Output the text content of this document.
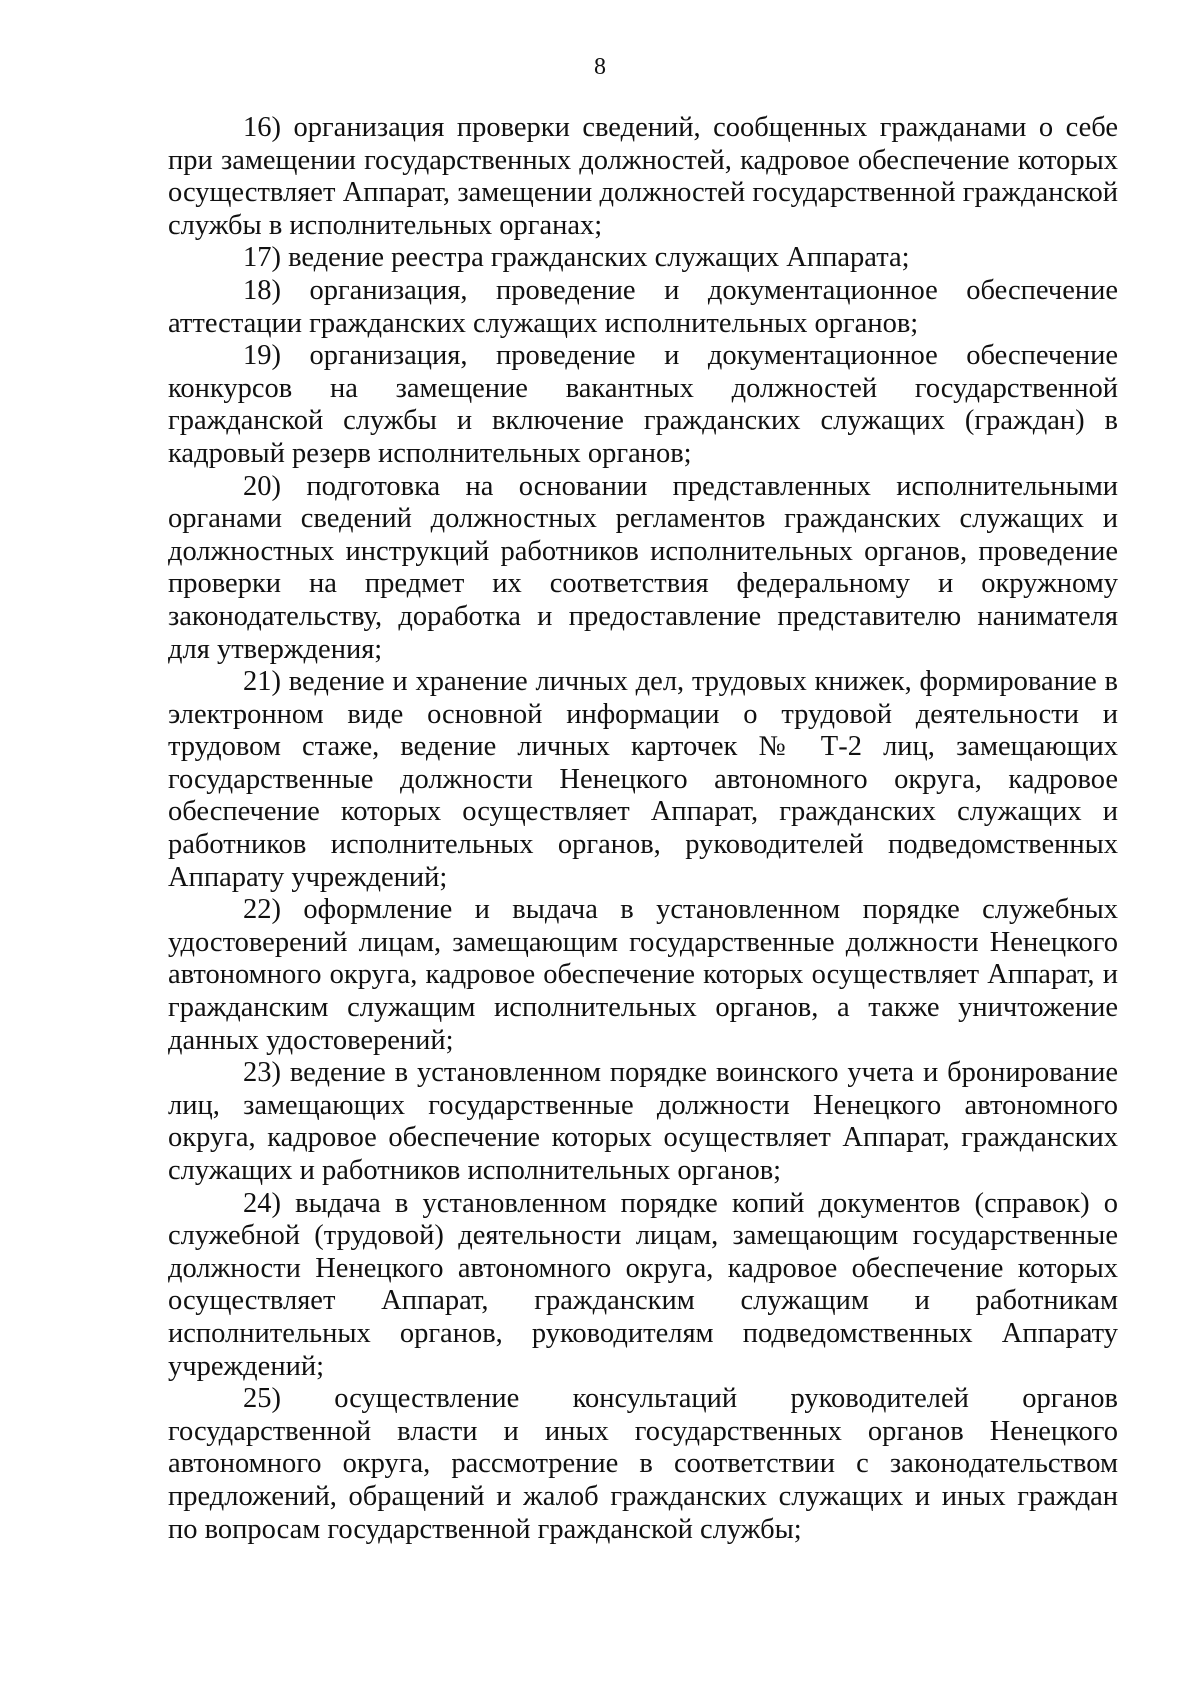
8

16) организация проверки сведений, сообщенных гражданами о себе при замещении государственных должностей, кадровое обеспечение которых осуществляет Аппарат, замещении должностей государственной гражданской службы в исполнительных органах;

17) ведение реестра гражданских служащих Аппарата;

18) организация, проведение и документационное обеспечение аттестации гражданских служащих исполнительных органов;

19) организация, проведение и документационное обеспечение конкурсов на замещение вакантных должностей государственной гражданской службы и включение гражданских служащих (граждан) в кадровый резерв исполнительных органов;

20) подготовка на основании представленных исполнительными органами сведений должностных регламентов гражданских служащих и должностных инструкций работников исполнительных органов, проведение проверки на предмет их соответствия федеральному и окружному законодательству, доработка и предоставление представителю нанимателя для утверждения;

21) ведение и хранение личных дел, трудовых книжек, формирование в электронном виде основной информации о трудовой деятельности и трудовом стаже, ведение личных карточек № Т-2 лиц, замещающих государственные должности Ненецкого автономного округа, кадровое обеспечение которых осуществляет Аппарат, гражданских служащих и работников исполнительных органов, руководителей подведомственных Аппарату учреждений;

22) оформление и выдача в установленном порядке служебных удостоверений лицам, замещающим государственные должности Ненецкого автономного округа, кадровое обеспечение которых осуществляет Аппарат, и гражданским служащим исполнительных органов, а также уничтожение данных удостоверений;

23) ведение в установленном порядке воинского учета и бронирование лиц, замещающих государственные должности Ненецкого автономного округа, кадровое обеспечение которых осуществляет Аппарат, гражданских служащих и работников исполнительных органов;

24) выдача в установленном порядке копий документов (справок) о служебной (трудовой) деятельности лицам, замещающим государственные должности Ненецкого автономного округа, кадровое обеспечение которых осуществляет Аппарат, гражданским служащим и работникам исполнительных органов, руководителям подведомственных Аппарату учреждений;

25) осуществление консультаций руководителей органов государственной власти и иных государственных органов Ненецкого автономного округа, рассмотрение в соответствии с законодательством предложений, обращений и жалоб гражданских служащих и иных граждан по вопросам государственной гражданской службы;
